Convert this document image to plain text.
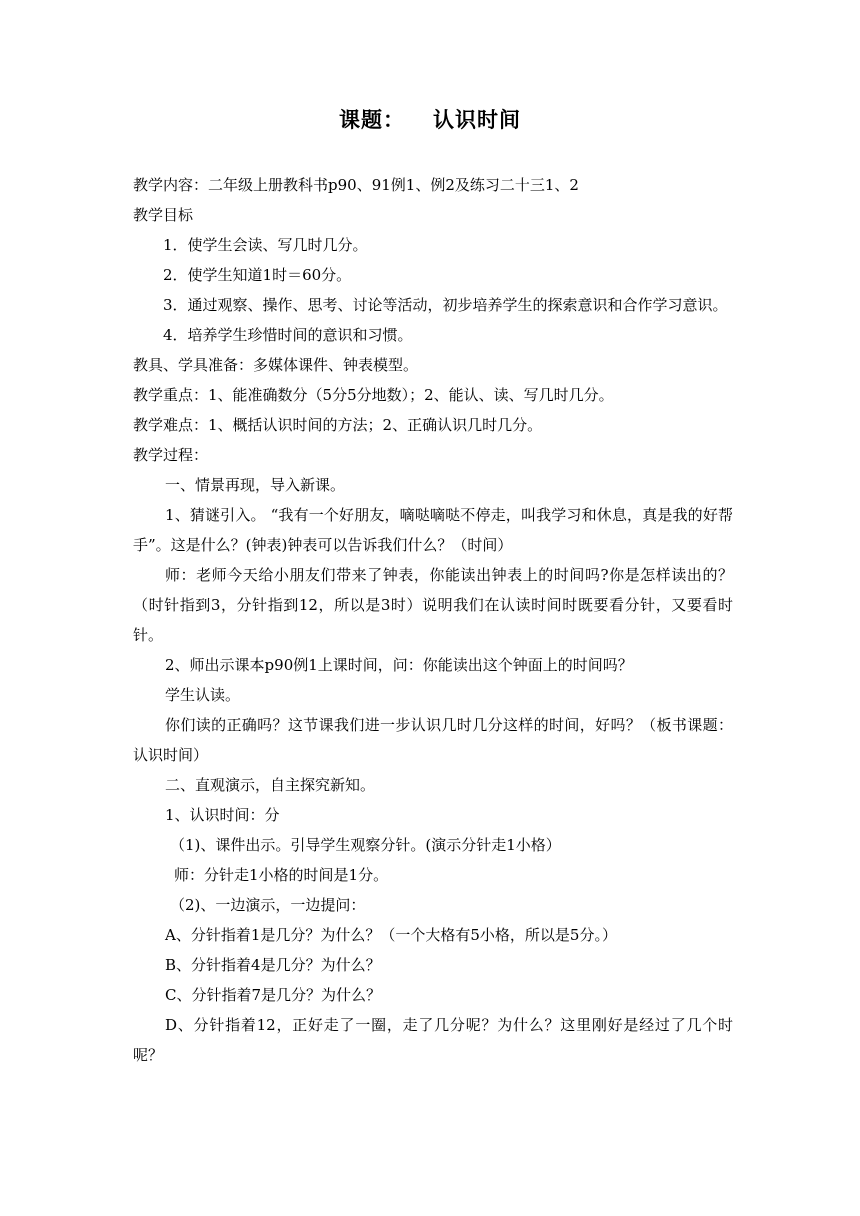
课题： 认识时间

教学内容：二年级上册教科书p90、91例1、例2及练习二十三1、2

教学目标

1．使学生会读、写几时几分。

2．使学生知道1时＝60分。

3．通过观察、操作、思考、讨论等活动，初步培养学生的探索意识和合作学习意识。

4．培养学生珍惜时间的意识和习惯。

教具、学具准备：多媒体课件、钟表模型。

教学重点：1、能准确数分（5分5分地数）；2、能认、读、写几时几分。

教学难点：1、概括认识时间的方法；2、正确认识几时几分。

教学过程：

一、情景再现，导入新课。

1、猜谜引入。 “我有一个好朋友，嘀哒嘀哒不停走，叫我学习和休息，真是我的好帮手”。这是什么？(钟表)钟表可以告诉我们什么？（时间）

师：老师今天给小朋友们带来了钟表，你能读出钟表上的时间吗?你是怎样读出的？（时针指到3，分针指到12，所以是3时）说明我们在认读时间时既要看分针，又要看时针。

2、师出示课本p90例1上课时间，问：你能读出这个钟面上的时间吗？

学生认读。

你们读的正确吗？这节课我们进一步认识几时几分这样的时间，好吗？（板书课题：认识时间）

二、直观演示，自主探究新知。

1、认识时间：分

（1)、课件出示。引导学生观察分针。(演示分针走1小格）

师：分针走1小格的时间是1分。

（2)、一边演示，一边提问：

A、分针指着1是几分？为什么？（一个大格有5小格，所以是5分。）

B、分针指着4是几分？为什么？

C、分针指着7是几分？为什么？

D、分针指着12，正好走了一圈，走了几分呢？为什么？这里刚好是经过了几个时呢？
